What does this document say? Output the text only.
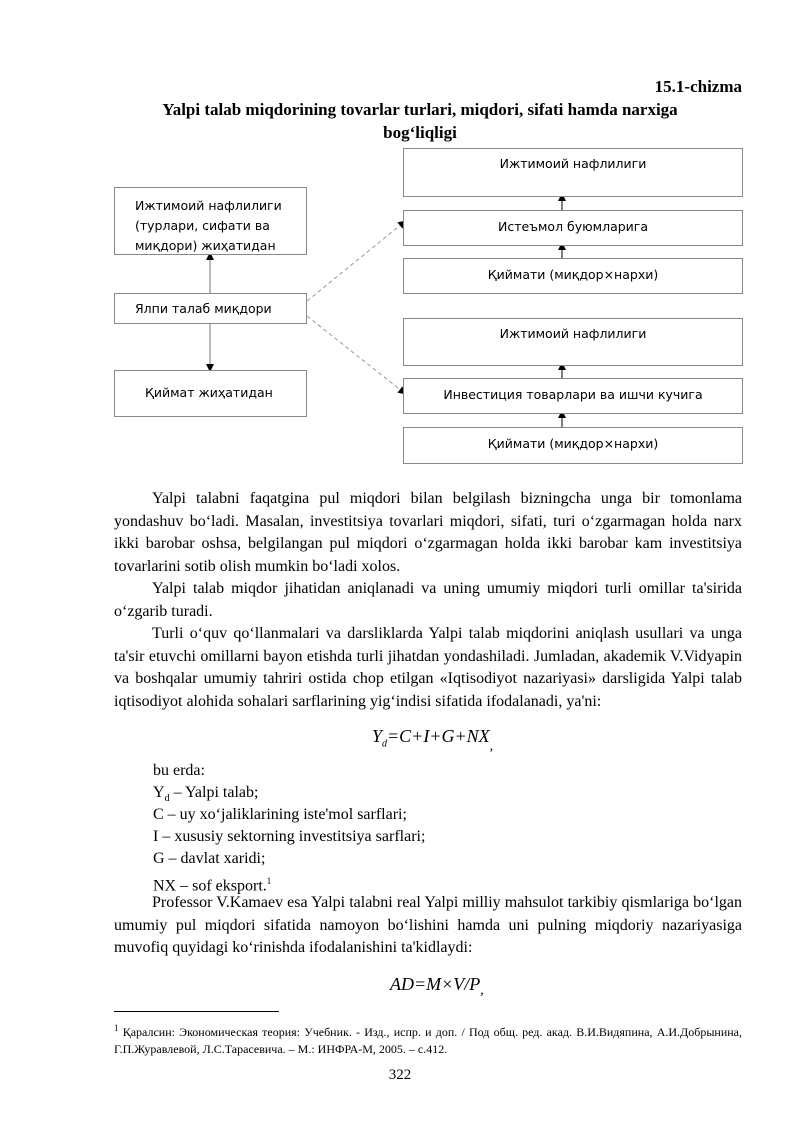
15.1-chizma
Yalpi talab miqdorining tovarlar turlari, miqdori, sifati hamda narxiga
bog‘liqligi
Ижтимоий нафлилиги
(турлари, сифати ва
миқдори) жиҳатидан
Ялпи талаб миқдори
Қиймат жиҳатидан
Ижтимоий нафлилиги
Истеъмол буюмларига
Қиймати (миқдор×нархи)
Ижтимоий нафлилиги
Инвестиция товарлари ва ишчи кучига
Қиймати (миқдор×нархи)

Yalpi talabni faqatgina pul miqdori bilan belgilash bizningcha unga bir tomonlama yondashuv bo‘ladi. Masalan, investitsiya tovarlari miqdori, sifati, turi o‘zgarmagan holda narx ikki barobar oshsa, belgilangan pul miqdori o‘zgarmagan holda ikki barobar kam investitsiya tovarlarini sotib olish mumkin bo‘ladi xolos.

Yalpi talab miqdor jihatidan aniqlanadi va uning umumiy miqdori turli omillar ta'sirida o‘zgarib turadi.

Turli o‘quv qo‘llanmalari va darsliklarda Yalpi talab miqdorini aniqlash usullari va unga ta'sir etuvchi omillarni bayon etishda turli jihatdan yondashiladi. Jumladan, akademik V.Vidyapin va boshqalar umumiy tahriri ostida chop etilgan «Iqtisodiyot nazariyasi» darsligida Yalpi talab iqtisodiyot alohida sohalari sarflarining yig‘indisi sifatida ifodalanadi, ya'ni:

$Y_d=C+I+G+NX_,$
bu erda:
$Y_d$ – Yalpi talab;
C – uy xo‘jaliklarining iste'mol sarflari;
I – xususiy sektorning investitsiya sarflari;
G – davlat xaridi;
NX – sof eksport.$^1$

Professor V.Kamaev esa Yalpi talabni real Yalpi milliy mahsulot tarkibiy qismlariga bo‘lgan umumiy pul miqdori sifatida namoyon bo‘lishini hamda uni pulning miqdoriy nazariyasiga muvofiq quyidagi ko‘rinishda ifodalanishini ta'kidlaydi:

$AD=M\times V/P_,$
$^1$ Қаралсин: Экономическая теория: Учебник. - Изд., испр. и доп. / Под общ. ред. акад. В.И.Видяпина, А.И.Добрынина, Г.П.Журавлевой, Л.С.Тарасевича. – М.: ИНФРА-М, 2005. – с.412.
322
